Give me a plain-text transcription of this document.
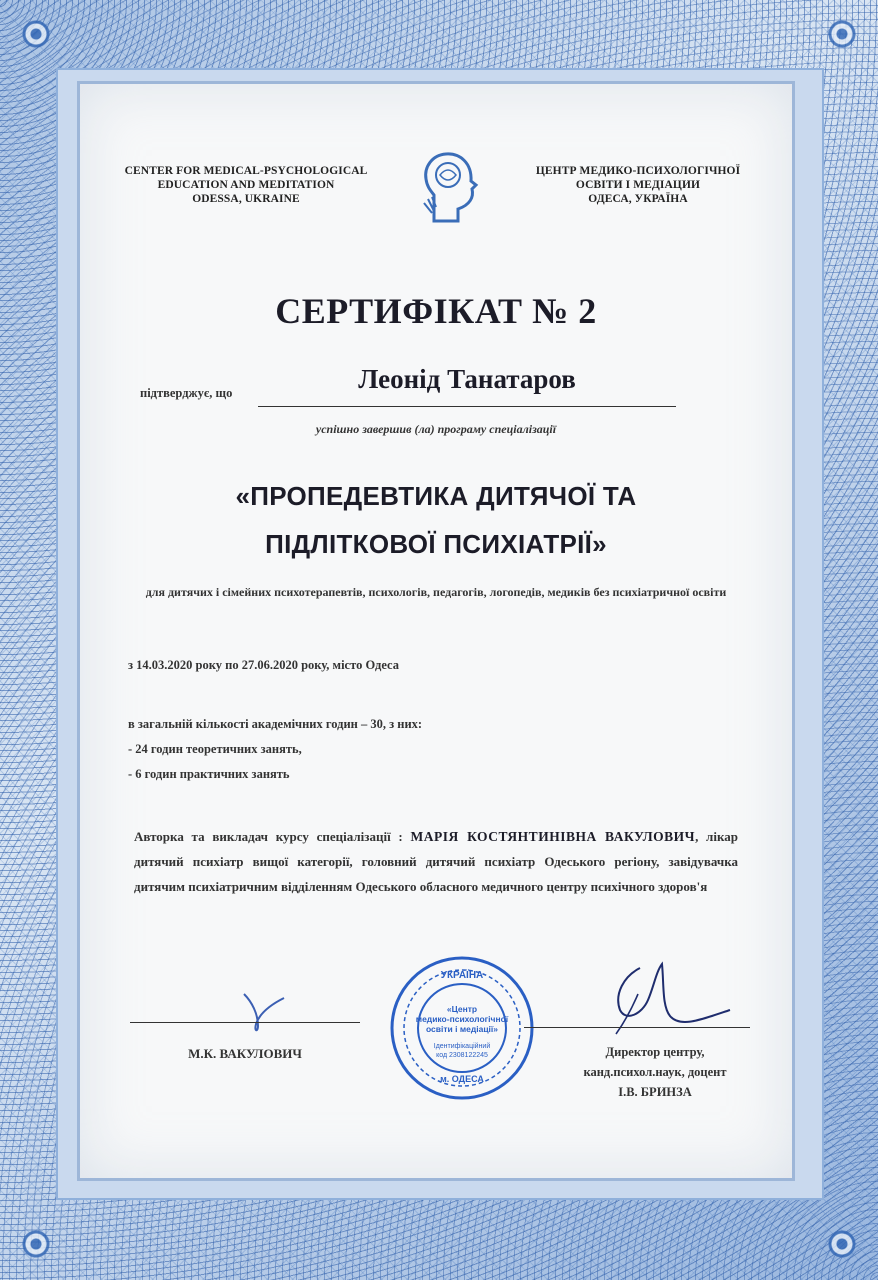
CENTER FOR MEDICAL-PSYCHOLOGICAL
EDUCATION AND MEDITATION
ODESSA, UKRAINE
ЦЕНТР МЕДИКО-ПСИХОЛОГІЧНОЇ
ОСВІТИ І МЕДІАЦИИ
ОДЕСА, УКРАЇНА
СЕРТИФІКАТ № 2
підтверджує, що	Леонід Танатаров
успішно завершив (ла) програму спеціалізації
«ПРОПЕДЕВТИКА ДИТЯЧОЇ ТА
ПІДЛІТКОВОЇ ПСИХІАТРІЇ»
для дитячих і сімейних психотерапевтів, психологів, педагогів, логопедів, медиків без психіатричної освіти
з 14.03.2020 року по 27.06.2020 року, місто Одеса
в загальній кількості академічних годин – 30, з них:
- 24 годин теоретичних занять,
- 6 годин практичних занять
Авторка та викладач курсу спеціалізації : МАРІЯ КОСТЯНТИНІВНА ВАКУЛОВИЧ, лікар дитячий психіатр вищої категорії, головний дитячий психіатр Одеського регіону, завідувачка дитячим психіатричним відділенням Одеського обласного медичного центру психічного здоров'я
М.К. ВАКУЛОВИЧ
УКРАЇНА
«Центр
медико-психологічної
освіти і медіації»
Ідентифікаційний
код 2308122245
м. ОДЕСА
Директор центру,
канд.психол.наук, доцент
І.В. БРИНЗА
